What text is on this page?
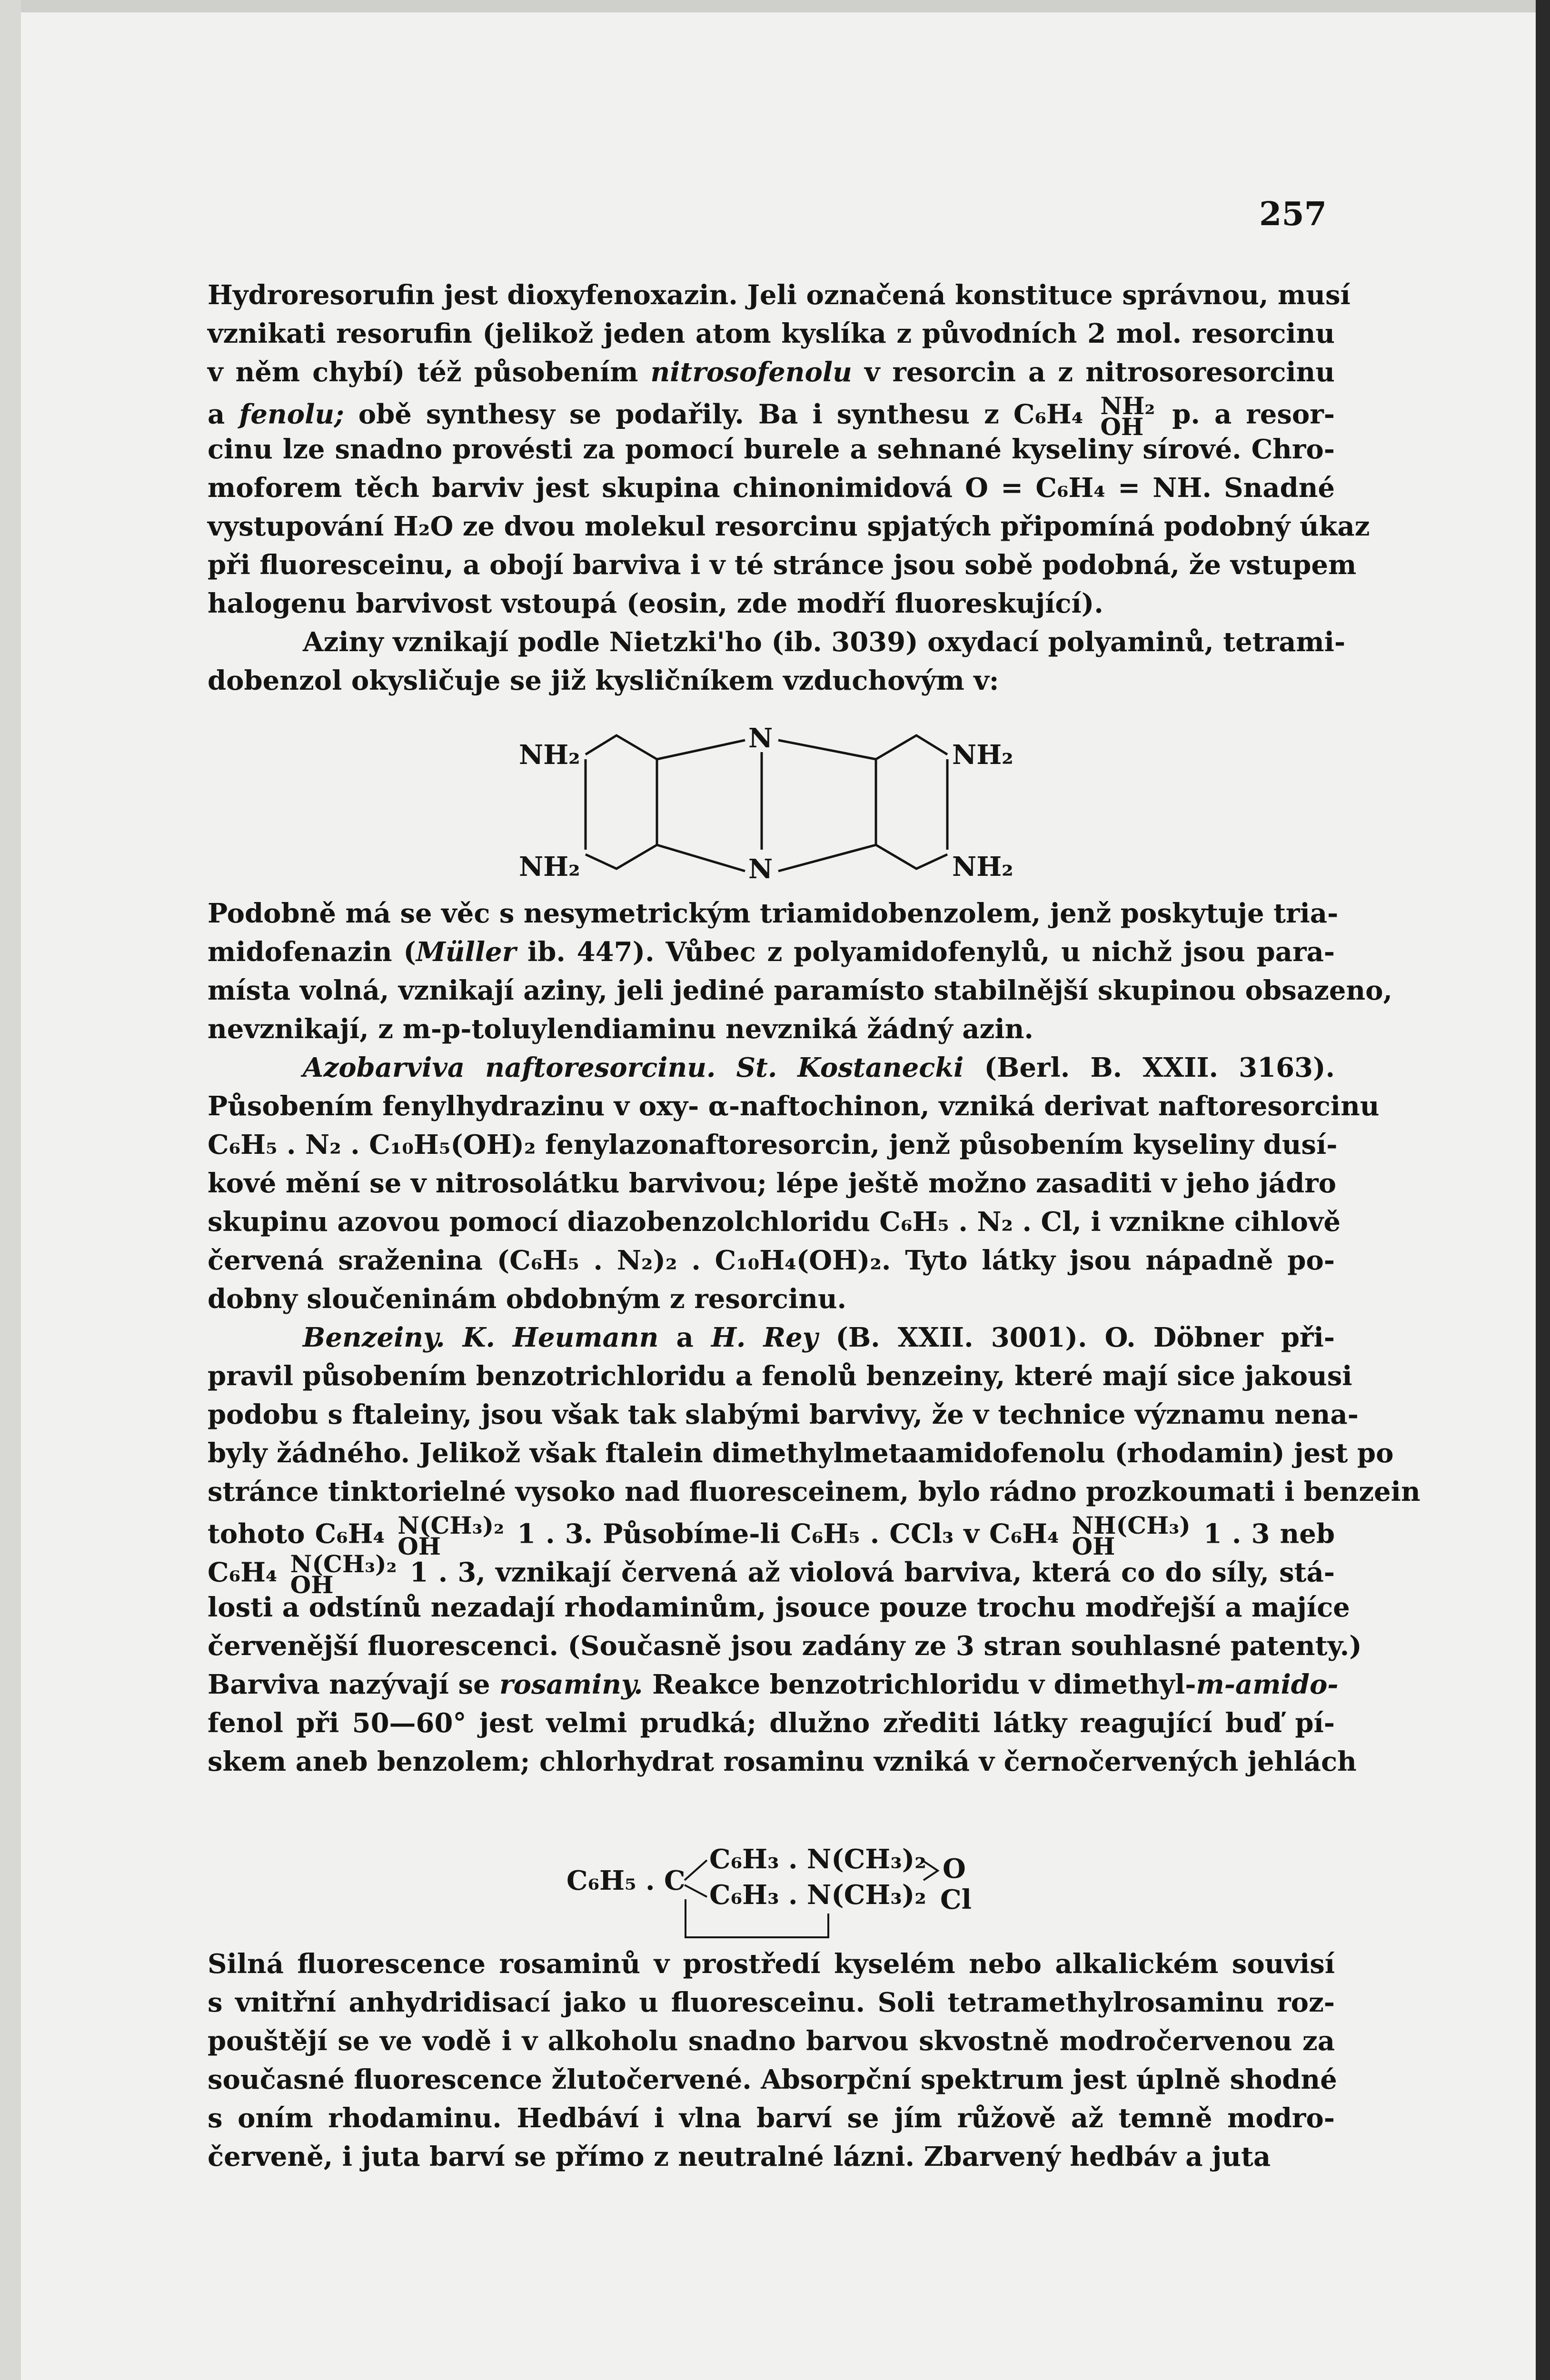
257
Hydroresorufin jest dioxyfenoxazin. Jeli označená konstituce správnou, musí
vznikati resorufin (jelikož jeden atom kyslíka z původních 2 mol. resorcinu
v něm chybí) též působením nitrosofenolu v resorcin a z nitrosoresorcinu
a fenolu; obě synthesy se podařily. Ba i synthesu z C₆H₄ NH₂
OH p. a resor-
cinu lze snadno provésti za pomocí burele a sehnané kyseliny sírové. Chro-
moforem těch barviv jest skupina chinonimidová O = C₆H₄ = NH. Snadné
vystupování H₂O ze dvou molekul resorcinu spjatých připomíná podobný úkaz
při fluoresceinu, a obojí barviva i v té stránce jsou sobě podobná, že vstupem
halogenu barvivost vstoupá (eosin, zde modří fluoreskující).
Aziny vznikají podle Nietzki'ho (ib. 3039) oxydací polyaminů, tetrami-
dobenzol okysličuje se již kysličníkem vzduchovým v:
NH₂
NH₂
NH₂
NH₂
N
N
Podobně má se věc s nesymetrickým triamidobenzolem, jenž poskytuje tria-
midofenazin (Müller ib. 447). Vůbec z polyamidofenylů, u nichž jsou para-
místa volná, vznikají aziny, jeli jediné paramísto stabilnější skupinou obsazeno,
nevznikají, z m-p-toluylendiaminu nevzniká žádný azin.
Azobarviva naftoresorcinu. St. Kostanecki (Berl. B. XXII. 3163).
Působením fenylhydrazinu v oxy- α-naftochinon, vzniká derivat naftoresorcinu
C₆H₅ . N₂ . C₁₀H₅(OH)₂ fenylazonaftoresorcin, jenž působením kyseliny dusí-
kové mění se v nitrosolátku barvivou; lépe ještě možno zasaditi v jeho jádro
skupinu azovou pomocí diazobenzolchloridu C₆H₅ . N₂ . Cl, i vznikne cihlově
červená sraženina (C₆H₅ . N₂)₂ . C₁₀H₄(OH)₂. Tyto látky jsou nápadně po-
dobny sloučeninám obdobným z resorcinu.
Benzeiny. K. Heumann a H. Rey (B. XXII. 3001). O. Döbner při-
pravil působením benzotrichloridu a fenolů benzeiny, které mají sice jakousi
podobu s ftaleiny, jsou však tak slabými barvivy, že v technice významu nena-
byly žádného. Jelikož však ftalein dimethylmetaamidofenolu (rhodamin) jest po
stránce tinktorielné vysoko nad fluoresceinem, bylo rádno prozkoumati i benzein
tohoto C₆H₄ N(CH₃)₂
OH	1 . 3. Působíme-li C₆H₅ . CCl₃ v C₆H₄ NH(CH₃)
OH	1 . 3 neb
C₆H₄ N(CH₃)₂
OH	1 . 3, vznikají červená až violová barviva, která co do síly, stá-
losti a odstínů nezadají rhodaminům, jsouce pouze trochu modřejší a majíce
červenější fluorescenci. (Současně jsou zadány ze 3 stran souhlasné patenty.)
Barviva nazývají se rosaminy. Reakce benzotrichloridu v dimethyl-m-amido-
fenol při 50—60° jest velmi prudká; dlužno zřediti látky reagující buď pí-
skem aneb benzolem; chlorhydrat rosaminu vzniká v černočervených jehlách
C₆H₅ . C
C₆H₃ . N(CH₃)₂
C₆H₃ . N(CH₃)₂
O
Cl
Silná fluorescence rosaminů v prostředí kyselém nebo alkalickém souvisí
s vnitřní anhydridisací jako u fluoresceinu. Soli tetramethylrosaminu roz-
pouštějí se ve vodě i v alkoholu snadno barvou skvostně modročervenou za
současné fluorescence žlutočervené. Absorpční spektrum jest úplně shodné
s oním rhodaminu. Hedbáví i vlna barví se jím růžově až temně modro-
červeně, i juta barví se přímo z neutralné lázni. Zbarvený hedbáv a juta
